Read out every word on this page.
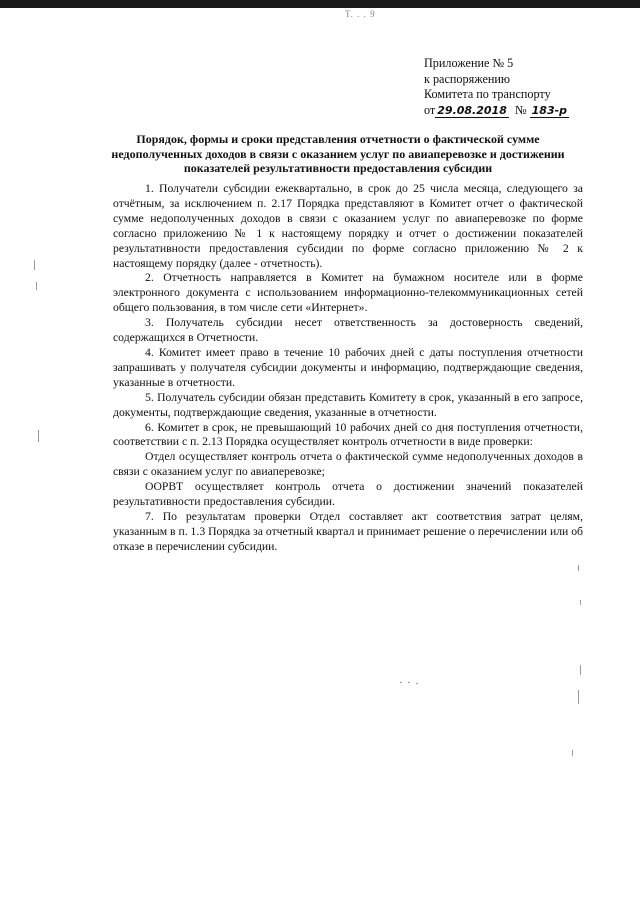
Т. . . 9
Приложение № 5
к распоряжению
Комитета по транспорту
от 29.08.2018 № 183-р
Порядок, формы и сроки представления отчетности о фактической сумме недополученных доходов в связи с оказанием услуг по авиаперевозке и достижении показателей результативности предоставления субсидии

1. Получатели субсидии ежеквартально, в срок до 25 числа месяца, следующего за отчётным, за исключением п. 2.17 Порядка представляют в Комитет отчет о фактической сумме недополученных доходов в связи с оказанием услуг по авиаперевозке по форме согласно приложению № 1 к настоящему порядку и отчет о достижении показателей результативности предоставления субсидии по форме согласно приложению № 2 к настоящему порядку (далее - отчетность).

2. Отчетность направляется в Комитет на бумажном носителе или в форме электронного документа с использованием информационно-телекоммуникационных сетей общего пользования, в том числе сети «Интернет».

3. Получатель субсидии несет ответственность за достоверность сведений, содержащихся в Отчетности.

4. Комитет имеет право в течение 10 рабочих дней с даты поступления отчетности запрашивать у получателя субсидии документы и информацию, подтверждающие сведения, указанные в отчетности.

5. Получатель субсидии обязан представить Комитету в срок, указанный в его запросе, документы, подтверждающие сведения, указанные в отчетности.

6. Комитет в срок, не превышающий 10 рабочих дней со дня поступления отчетности, соответствии с п. 2.13 Порядка осуществляет контроль отчетности в виде проверки:

Отдел осуществляет контроль отчета о фактической сумме недополученных доходов в связи с оказанием услуг по авиаперевозке;

ООРВТ осуществляет контроль отчета о достижении значений показателей результативности предоставления субсидии.

7. По результатам проверки Отдел составляет акт соответствия затрат целям, указанным в п. 1.3 Порядка за отчетный квартал и принимает решение о перечислении или об отказе в перечислении субсидии.
